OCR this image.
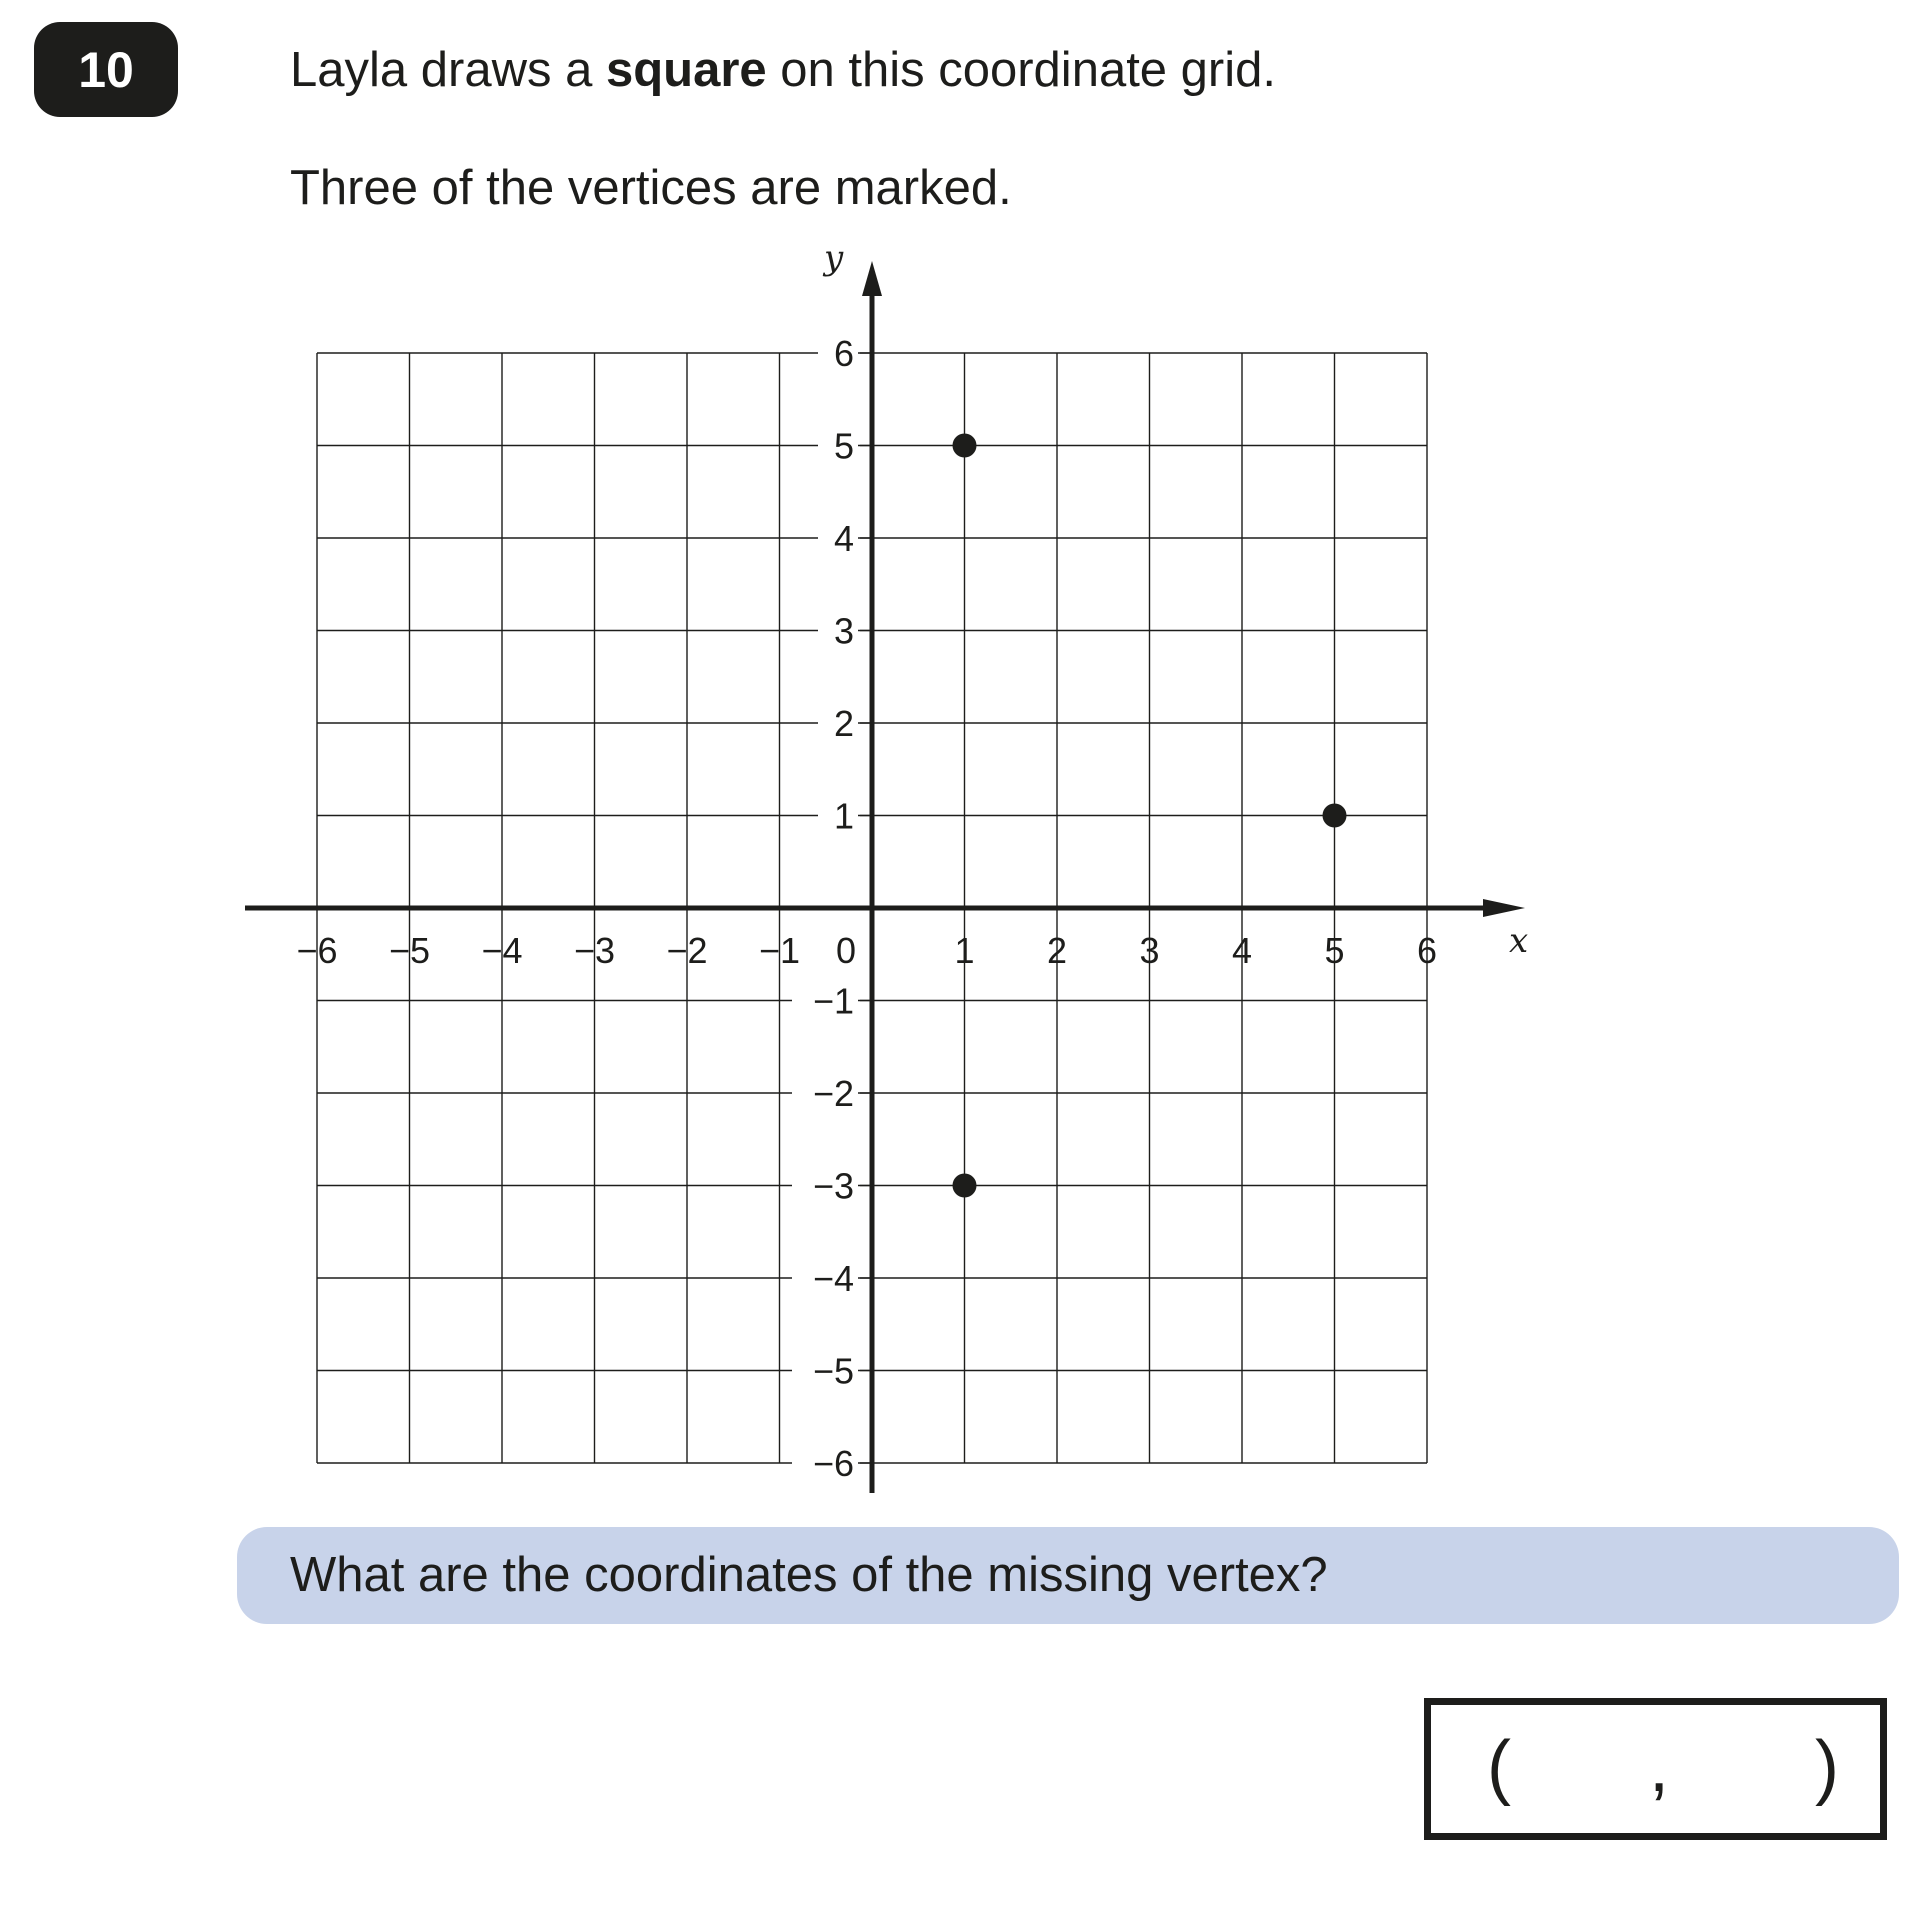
10	Layla draws a square on this coordinate grid.
Three of the vertices are marked.
−6 −5 −4 −3 −2 −1 0	1 2 3 4 5 6
6
5
4
3
2
1
−1
−2
−3
−4
−5
−6
x
y
What are the coordinates of the missing vertex?
( , )
